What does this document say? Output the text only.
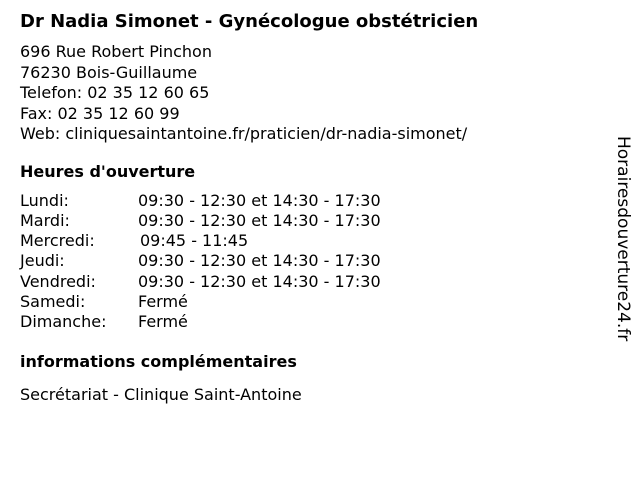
Dr Nadia Simonet - Gynécologue obstétricien
696 Rue Robert Pinchon
76230 Bois-Guillaume
Telefon: 02 35 12 60 65
Fax: 02 35 12 60 99
Web: cliniquesaintantoine.fr/praticien/dr-nadia-simonet/
Heures d'ouverture
Lundi:	09:30 - 12:30 et 14:30 - 17:30
Mardi:	09:30 - 12:30 et 14:30 - 17:30
Mercredi:	09:45 - 11:45
Jeudi:	09:30 - 12:30 et 14:30 - 17:30
Vendredi:	09:30 - 12:30 et 14:30 - 17:30
Samedi:	Fermé
Dimanche: Fermé
informations complémentaires
Secrétariat - Clinique Saint-Antoine
Horairesdouverture24.fr
